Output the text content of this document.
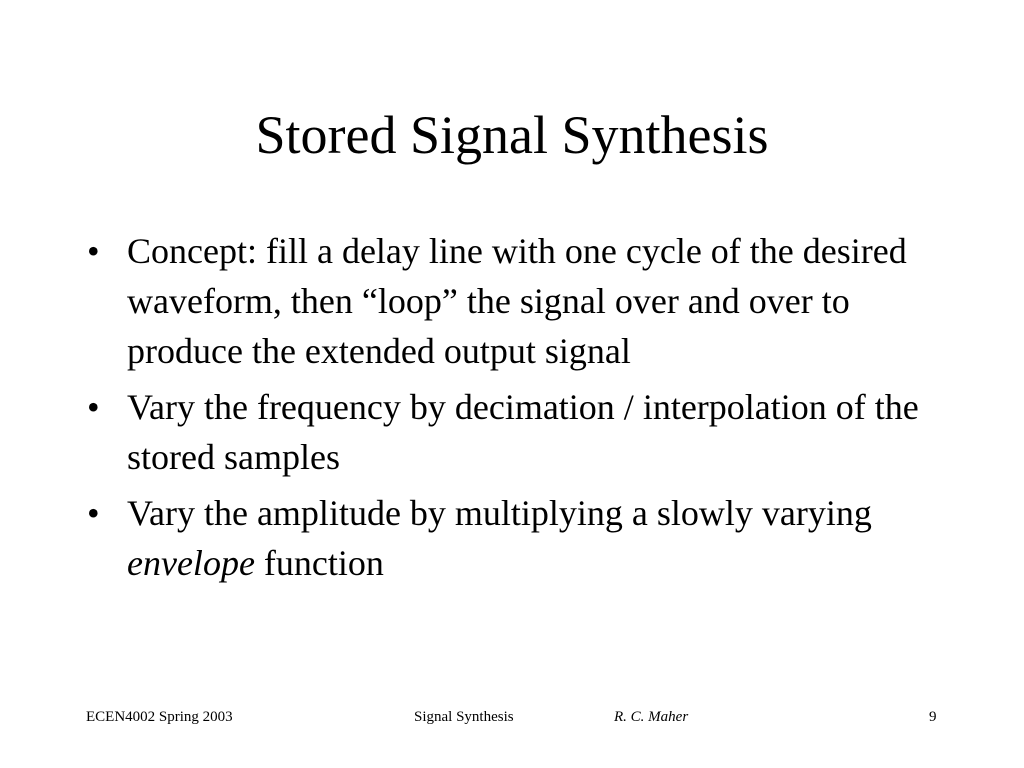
Stored Signal Synthesis
• Concept: fill a delay line with one cycle of the desired waveform, then “loop” the signal over and over to produce the extended output signal
• Vary the frequency by decimation / interpolation of the stored samples
• Vary the amplitude by multiplying a slowly varying envelope function
ECEN4002 Spring 2003	Signal Synthesis	R. C. Maher	9
